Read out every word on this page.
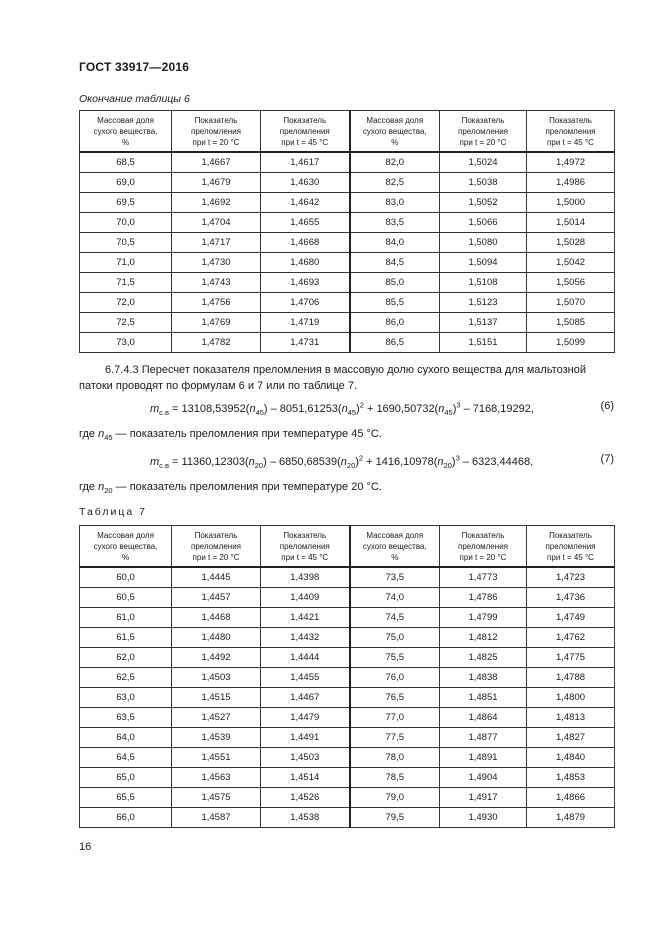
ГОСТ 33917—2016
Окончание таблицы 6
Массовая доля
сухого вещества,
%	Показатель
преломления
при t = 20 °C	Показатель
преломления
при t = 45 °C	Массовая доля
сухого вещества,
%	Показатель
преломления
при t = 20 °C	Показатель
преломления
при t = 45 °C
68,5	1,4667	1,4617	82,0	1,5024	1,4972
69,0	1,4679	1,4630	82,5	1,5038	1,4986
69,5	1,4692	1,4642	83,0	1,5052	1,5000
70,0	1,4704	1,4655	83,5	1,5066	1,5014
70,5	1,4717	1,4668	84,0	1,5080	1,5028
71,0	1,4730	1,4680	84,5	1,5094	1,5042
71,5	1,4743	1,4693	85,0	1,5108	1,5056
72,0	1,4756	1,4706	85,5	1,5123	1,5070
72,5	1,4769	1,4719	86,0	1,5137	1,5085
73,0	1,4782	1,4731	86,5	1,5151	1,5099
6.7.4.3 Пересчет показателя преломления в массовую долю сухого вещества для мальтозной патоки проводят по формулам 6 и 7 или по таблице 7.
$m_{с.в} = 13108,53952(n_{45}) - 8051,61253(n_{45})^2 + 1690,50732(n_{45})^3 - 7168,19292$,	(6)
где $n_{45}$ — показатель преломления при температуре 45 °С.
$m_{с.в} = 11360,12303(n_{20}) - 6850,68539(n_{20})^2 + 1416,10978(n_{20})^3 - 6323,44468$,	(7)
где $n_{20}$ — показатель преломления при температуре 20 °С.
Таблица 7
Массовая доля
сухого вещества,
%	Показатель
преломления
при t = 20 °C	Показатель
преломления
при t = 45 °C	Массовая доля
сухого вещества,
%	Показатель
преломления
при t = 20 °C	Показатель
преломления
при t = 45 °C
60,0	1,4445	1,4398	73,5	1,4773	1,4723
60,5	1,4457	1,4409	74,0	1,4786	1,4736
61,0	1,4468	1,4421	74,5	1,4799	1,4749
61,5	1,4480	1,4432	75,0	1,4812	1,4762
62,0	1,4492	1,4444	75,5	1,4825	1,4775
62,5	1,4503	1,4455	76,0	1,4838	1,4788
63,0	1,4515	1,4467	76,5	1,4851	1,4800
63,5	1,4527	1,4479	77,0	1,4864	1,4813
64,0	1,4539	1,4491	77,5	1,4877	1,4827
64,5	1,4551	1,4503	78,0	1,4891	1,4840
65,0	1,4563	1,4514	78,5	1,4904	1,4853
65,5	1,4575	1,4526	79,0	1,4917	1,4866
66,0	1,4587	1,4538	79,5	1,4930	1,4879
16
